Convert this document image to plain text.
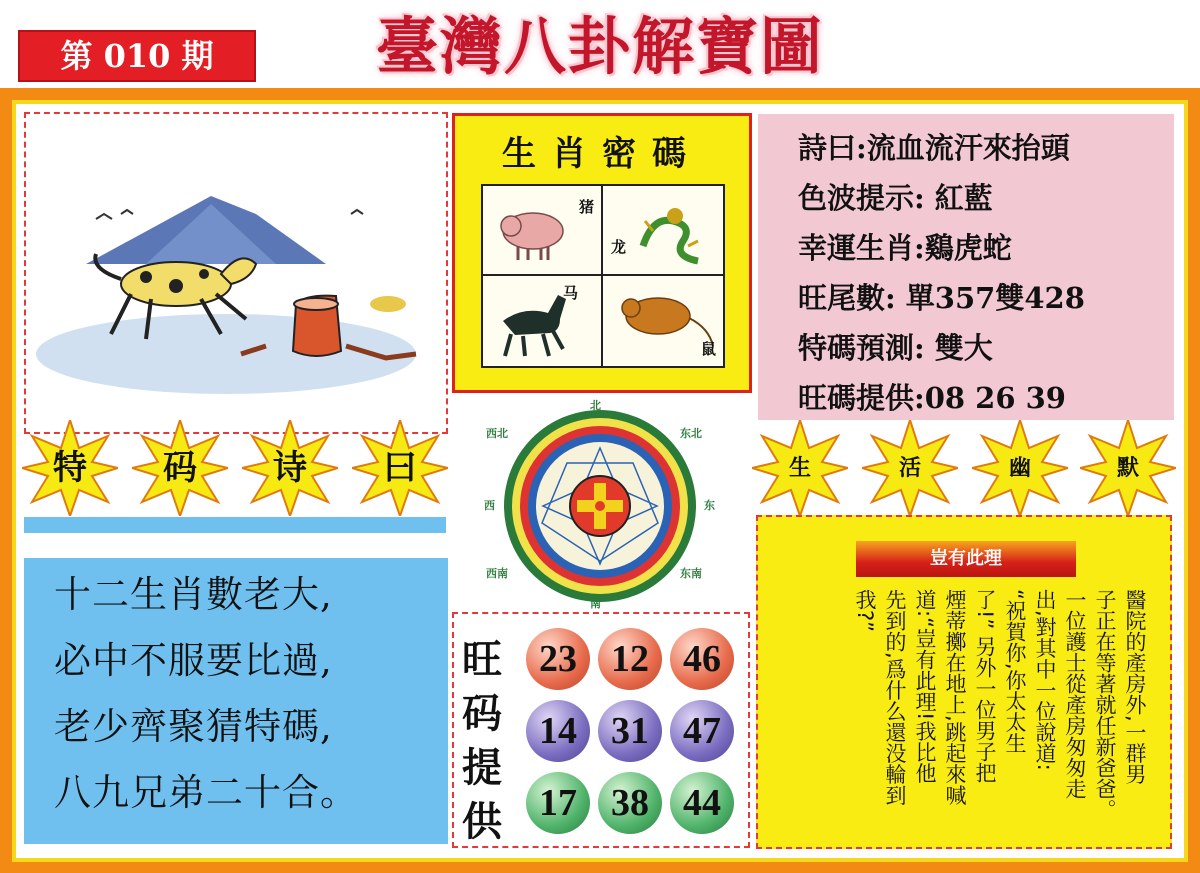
第 010 期	臺灣八卦解寶圖
生肖密碼
猪
龙
马
鼠
詩曰:流血流汗來抬頭
色波提示: 紅藍
幸運生肖:鷄虎蛇
旺尾數: 單357雙428
特碼預測: 雙大
旺碼提供:08 26 39
特	码	诗	曰	生	活	幽	默
十二生肖數老大,
必中不服要比過,
老少齊聚猜特碼,
八九兄弟二十合。
北
东
南
西
西北	东北
西南	东南
旺
码
提
供
23 12 46
14 31 47
17 38 44
豈有此理
醫院的產房外,一群男
子正在等著就任新爸爸。
一位護士從產房匆匆走
出,對其中一位說道:
“祝賀你,你太太生
了!” 另外一位男子把
煙蒂擲在地上,跳起來喊
道:“豈有此理!我比他
先到的,爲什么還没輪到
我?”
